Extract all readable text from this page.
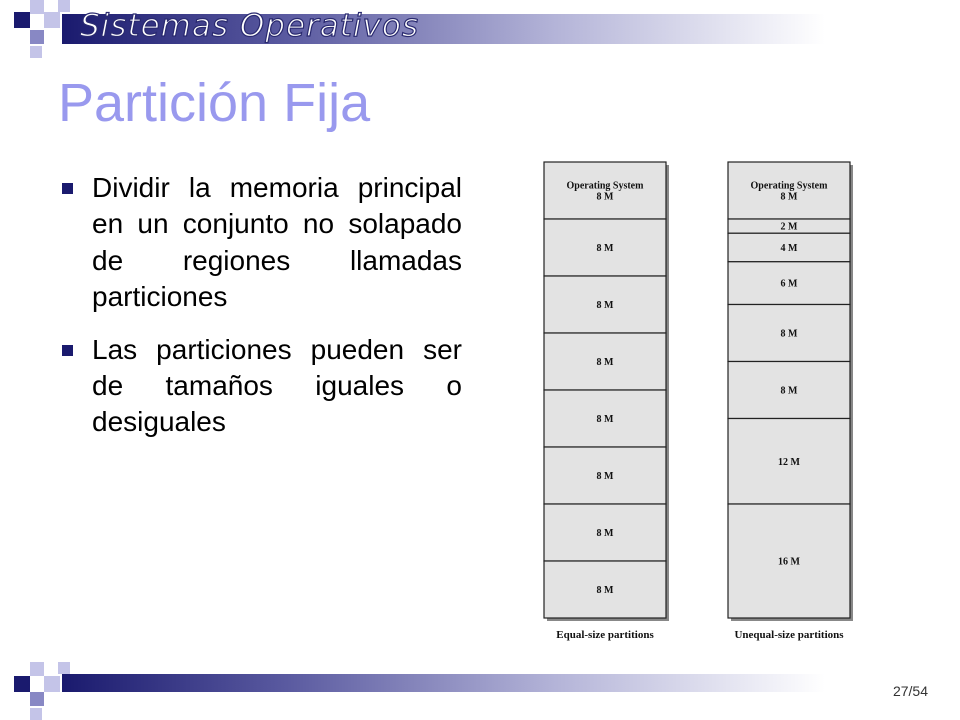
Sistemas Operativos
Partición Fija
Dividir la memoria principal en un conjunto no solapado de regiones llamadas particiones
Las particiones pueden ser de tamaños iguales o desiguales
Operating System
8 M
8 M
8 M
8 M
8 M
8 M
8 M
8 M
Equal-size partitions
Operating System
8 M
2 M
4 M
6 M
8 M
8 M
12 M
16 M
Unequal-size partitions
27/54
